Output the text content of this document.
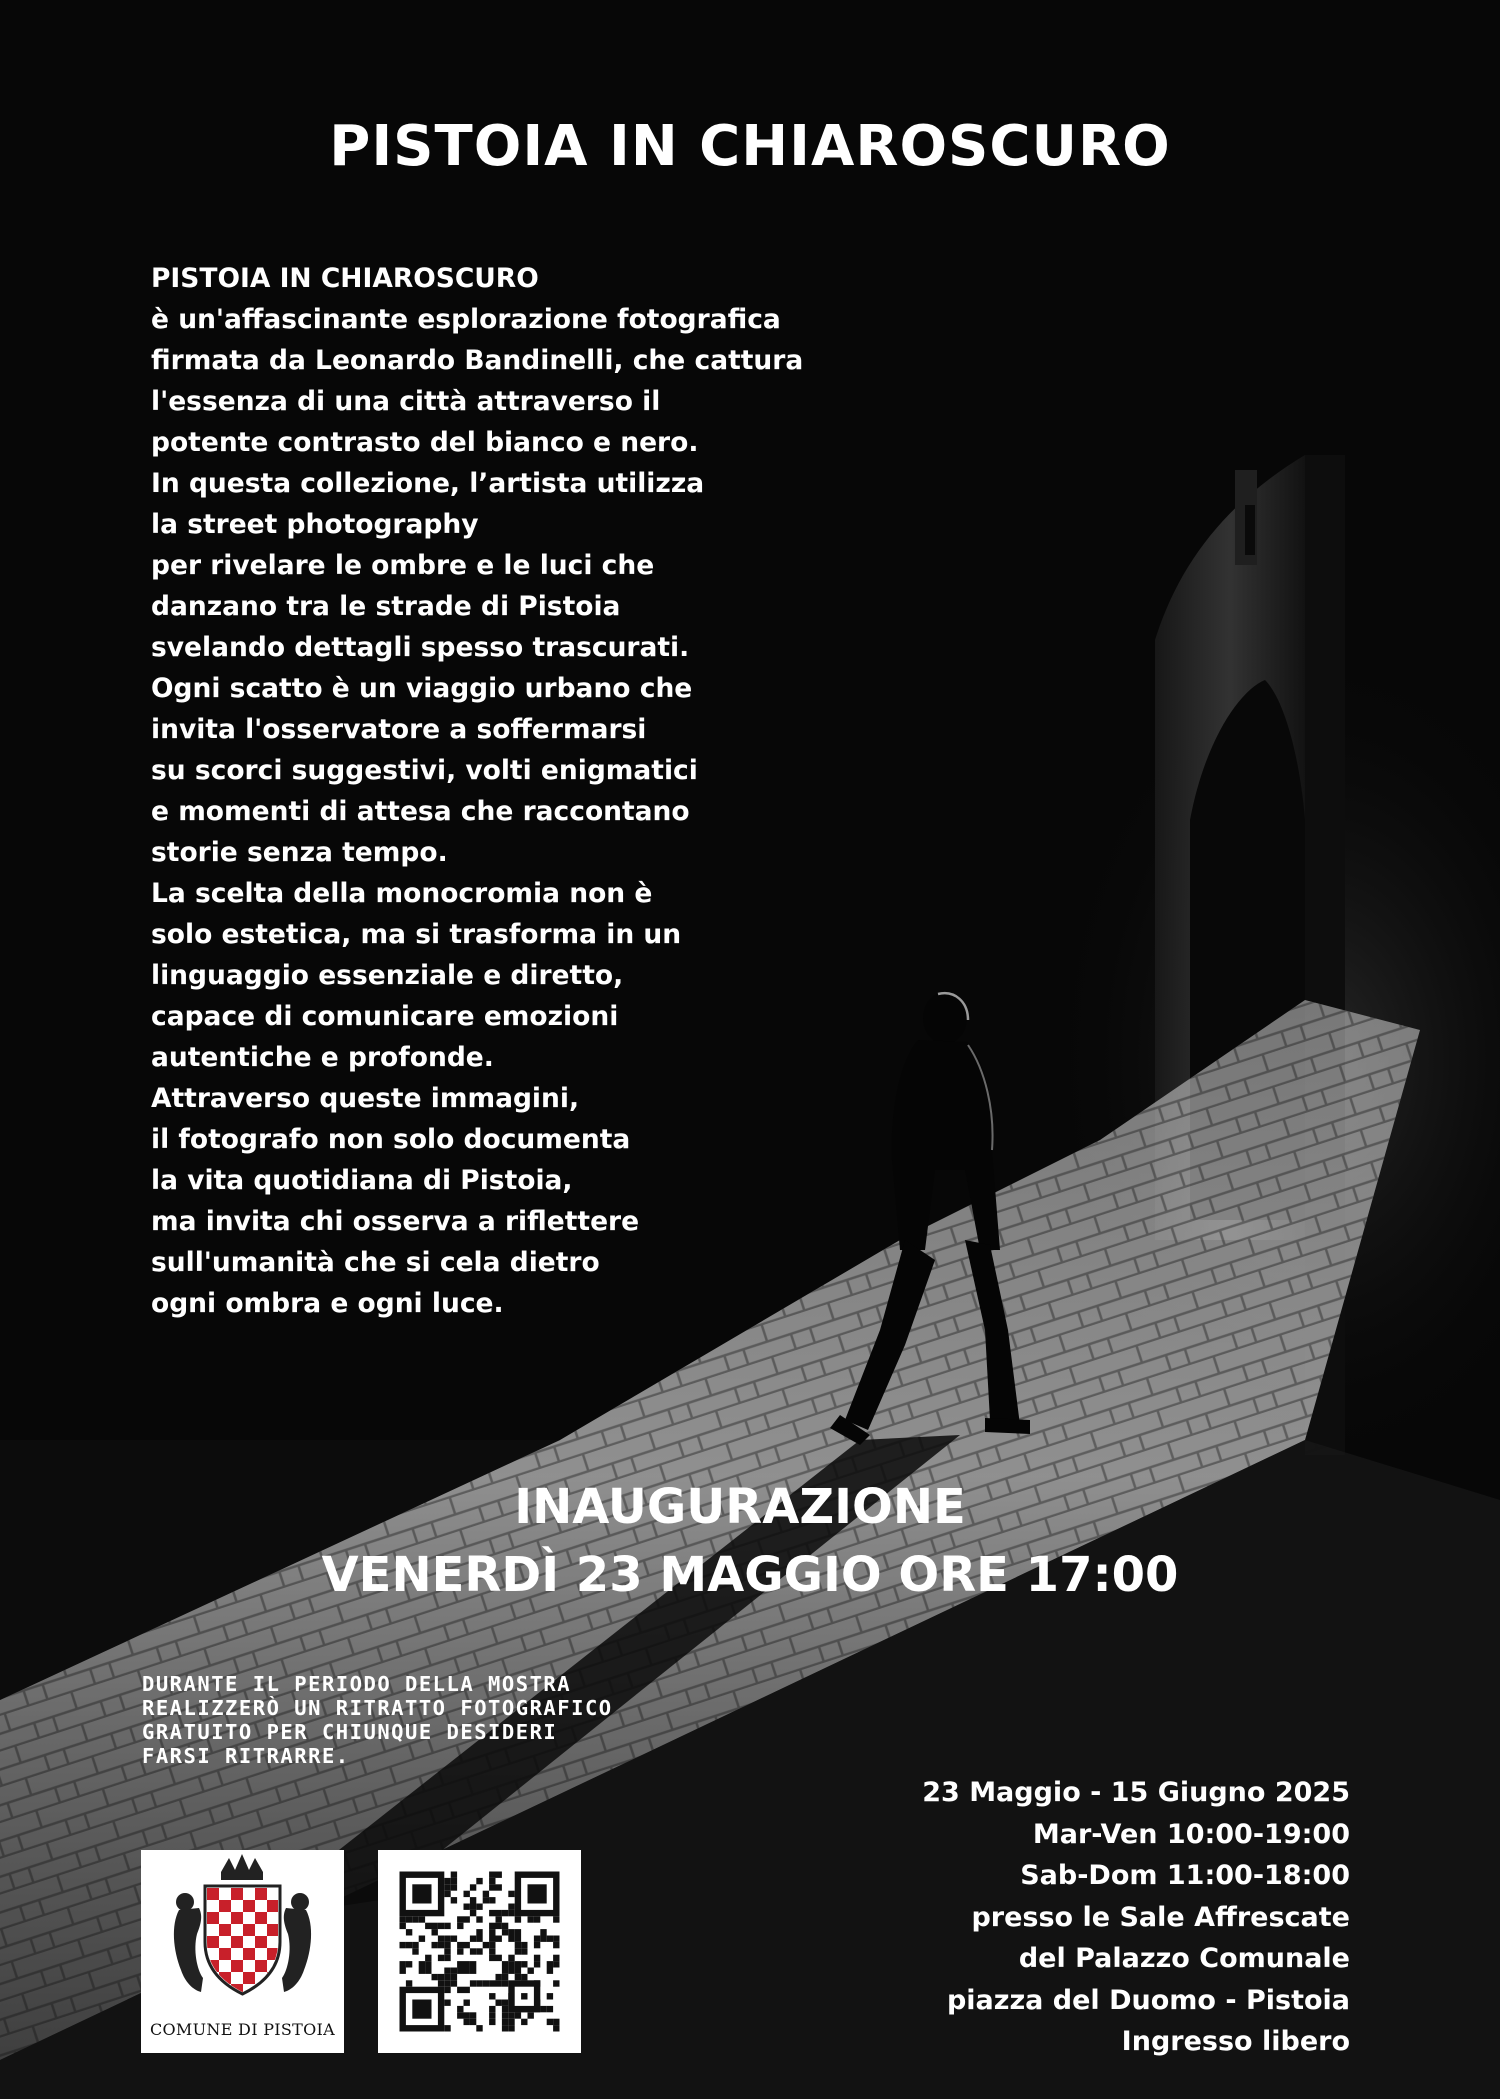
PISTOIA IN CHIAROSCURO
PISTOIA IN CHIAROSCURO
è un'affascinante esplorazione fotografica
firmata da Leonardo Bandinelli, che cattura
l'essenza di una città attraverso il
potente contrasto del bianco e nero.
In questa collezione, l’artista utilizza
la street photography
per rivelare le ombre e le luci che
danzano tra le strade di Pistoia
svelando dettagli spesso trascurati.
Ogni scatto è un viaggio urbano che
invita l'osservatore a soffermarsi
su scorci suggestivi, volti enigmatici
e momenti di attesa che raccontano
storie senza tempo.
La scelta della monocromia non è
solo estetica, ma si trasforma in un
linguaggio essenziale e diretto,
capace di comunicare emozioni
autentiche e profonde.
Attraverso queste immagini,
il fotografo non solo documenta
la vita quotidiana di Pistoia,
ma invita chi osserva a riflettere
sull'umanità che si cela dietro
ogni ombra e ogni luce.
INAUGURAZIONE
VENERDÌ 23 MAGGIO ORE 17:00
DURANTE IL PERIODO DELLA MOSTRA
REALIZZERÒ UN RITRATTO FOTOGRAFICO
GRATUITO PER CHIUNQUE DESIDERI
FARSI RITRARRE.
23 Maggio - 15 Giugno 2025
Mar-Ven 10:00-19:00
Sab-Dom 11:00-18:00
presso le Sale Affrescate
del Palazzo Comunale
piazza del Duomo - Pistoia
Ingresso libero
COMUNE DI PISTOIA
